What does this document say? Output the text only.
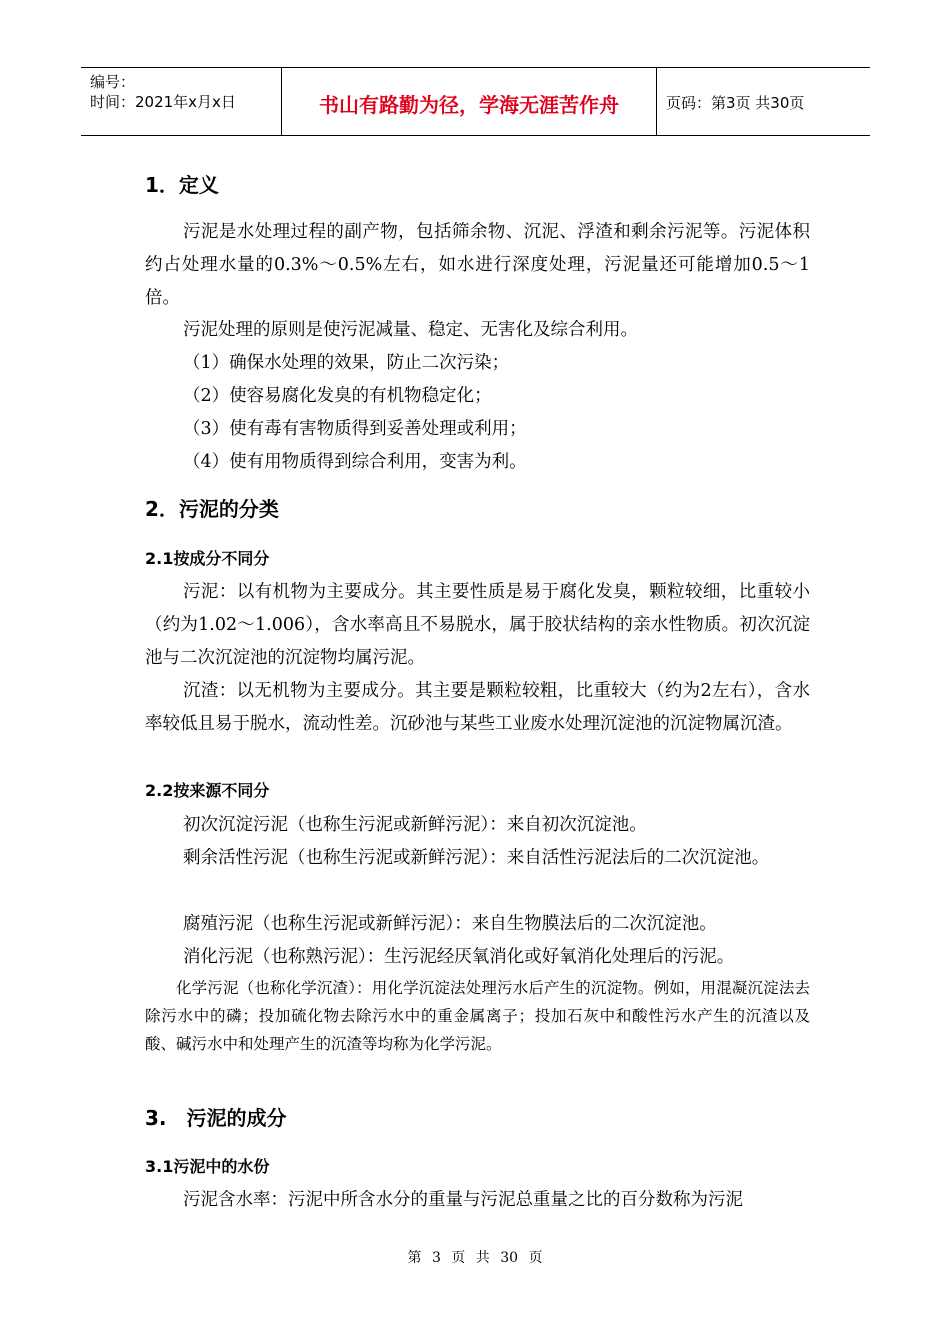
编号：
时间：2021年x月x日	书山有路勤为径，学海无涯苦作舟	页码：第3页 共30页
1．定义

污泥是水处理过程的副产物，包括筛余物、沉泥、浮渣和剩余污泥等。污泥体积约占处理水量的0.3%～0.5%左右，如水进行深度处理，污泥量还可能增加0.5～1倍。

污泥处理的原则是使污泥减量、稳定、无害化及综合利用。

（1）确保水处理的效果，防止二次污染；

（2）使容易腐化发臭的有机物稳定化；

（3）使有毒有害物质得到妥善处理或利用；

（4）使有用物质得到综合利用，变害为利。

2．污泥的分类
2.1按成分不同分

污泥：以有机物为主要成分。其主要性质是易于腐化发臭，颗粒较细，比重较小（约为1.02～1.006），含水率高且不易脱水，属于胶状结构的亲水性物质。初次沉淀池与二次沉淀池的沉淀物均属污泥。

沉渣：以无机物为主要成分。其主要是颗粒较粗，比重较大（约为2左右），含水率较低且易于脱水，流动性差。沉砂池与某些工业废水处理沉淀池的沉淀物属沉渣。

2.2按来源不同分

初次沉淀污泥（也称生污泥或新鲜污泥）：来自初次沉淀池。

剩余活性污泥（也称生污泥或新鲜污泥）：来自活性污泥法后的二次沉淀池。

腐殖污泥（也称生污泥或新鲜污泥）：来自生物膜法后的二次沉淀池。

消化污泥（也称熟污泥）：生污泥经厌氧消化或好氧消化处理后的污泥。

化学污泥（也称化学沉渣）：用化学沉淀法处理污水后产生的沉淀物。例如，用混凝沉淀法去除污水中的磷；投加硫化物去除污水中的重金属离子；投加石灰中和酸性污水产生的沉渣以及酸、碱污水中和处理产生的沉渣等均称为化学污泥。

3.　污泥的成分
3.1污泥中的水份

污泥含水率：污泥中所含水分的重量与污泥总重量之比的百分数称为污泥

第 3 页 共 30 页
